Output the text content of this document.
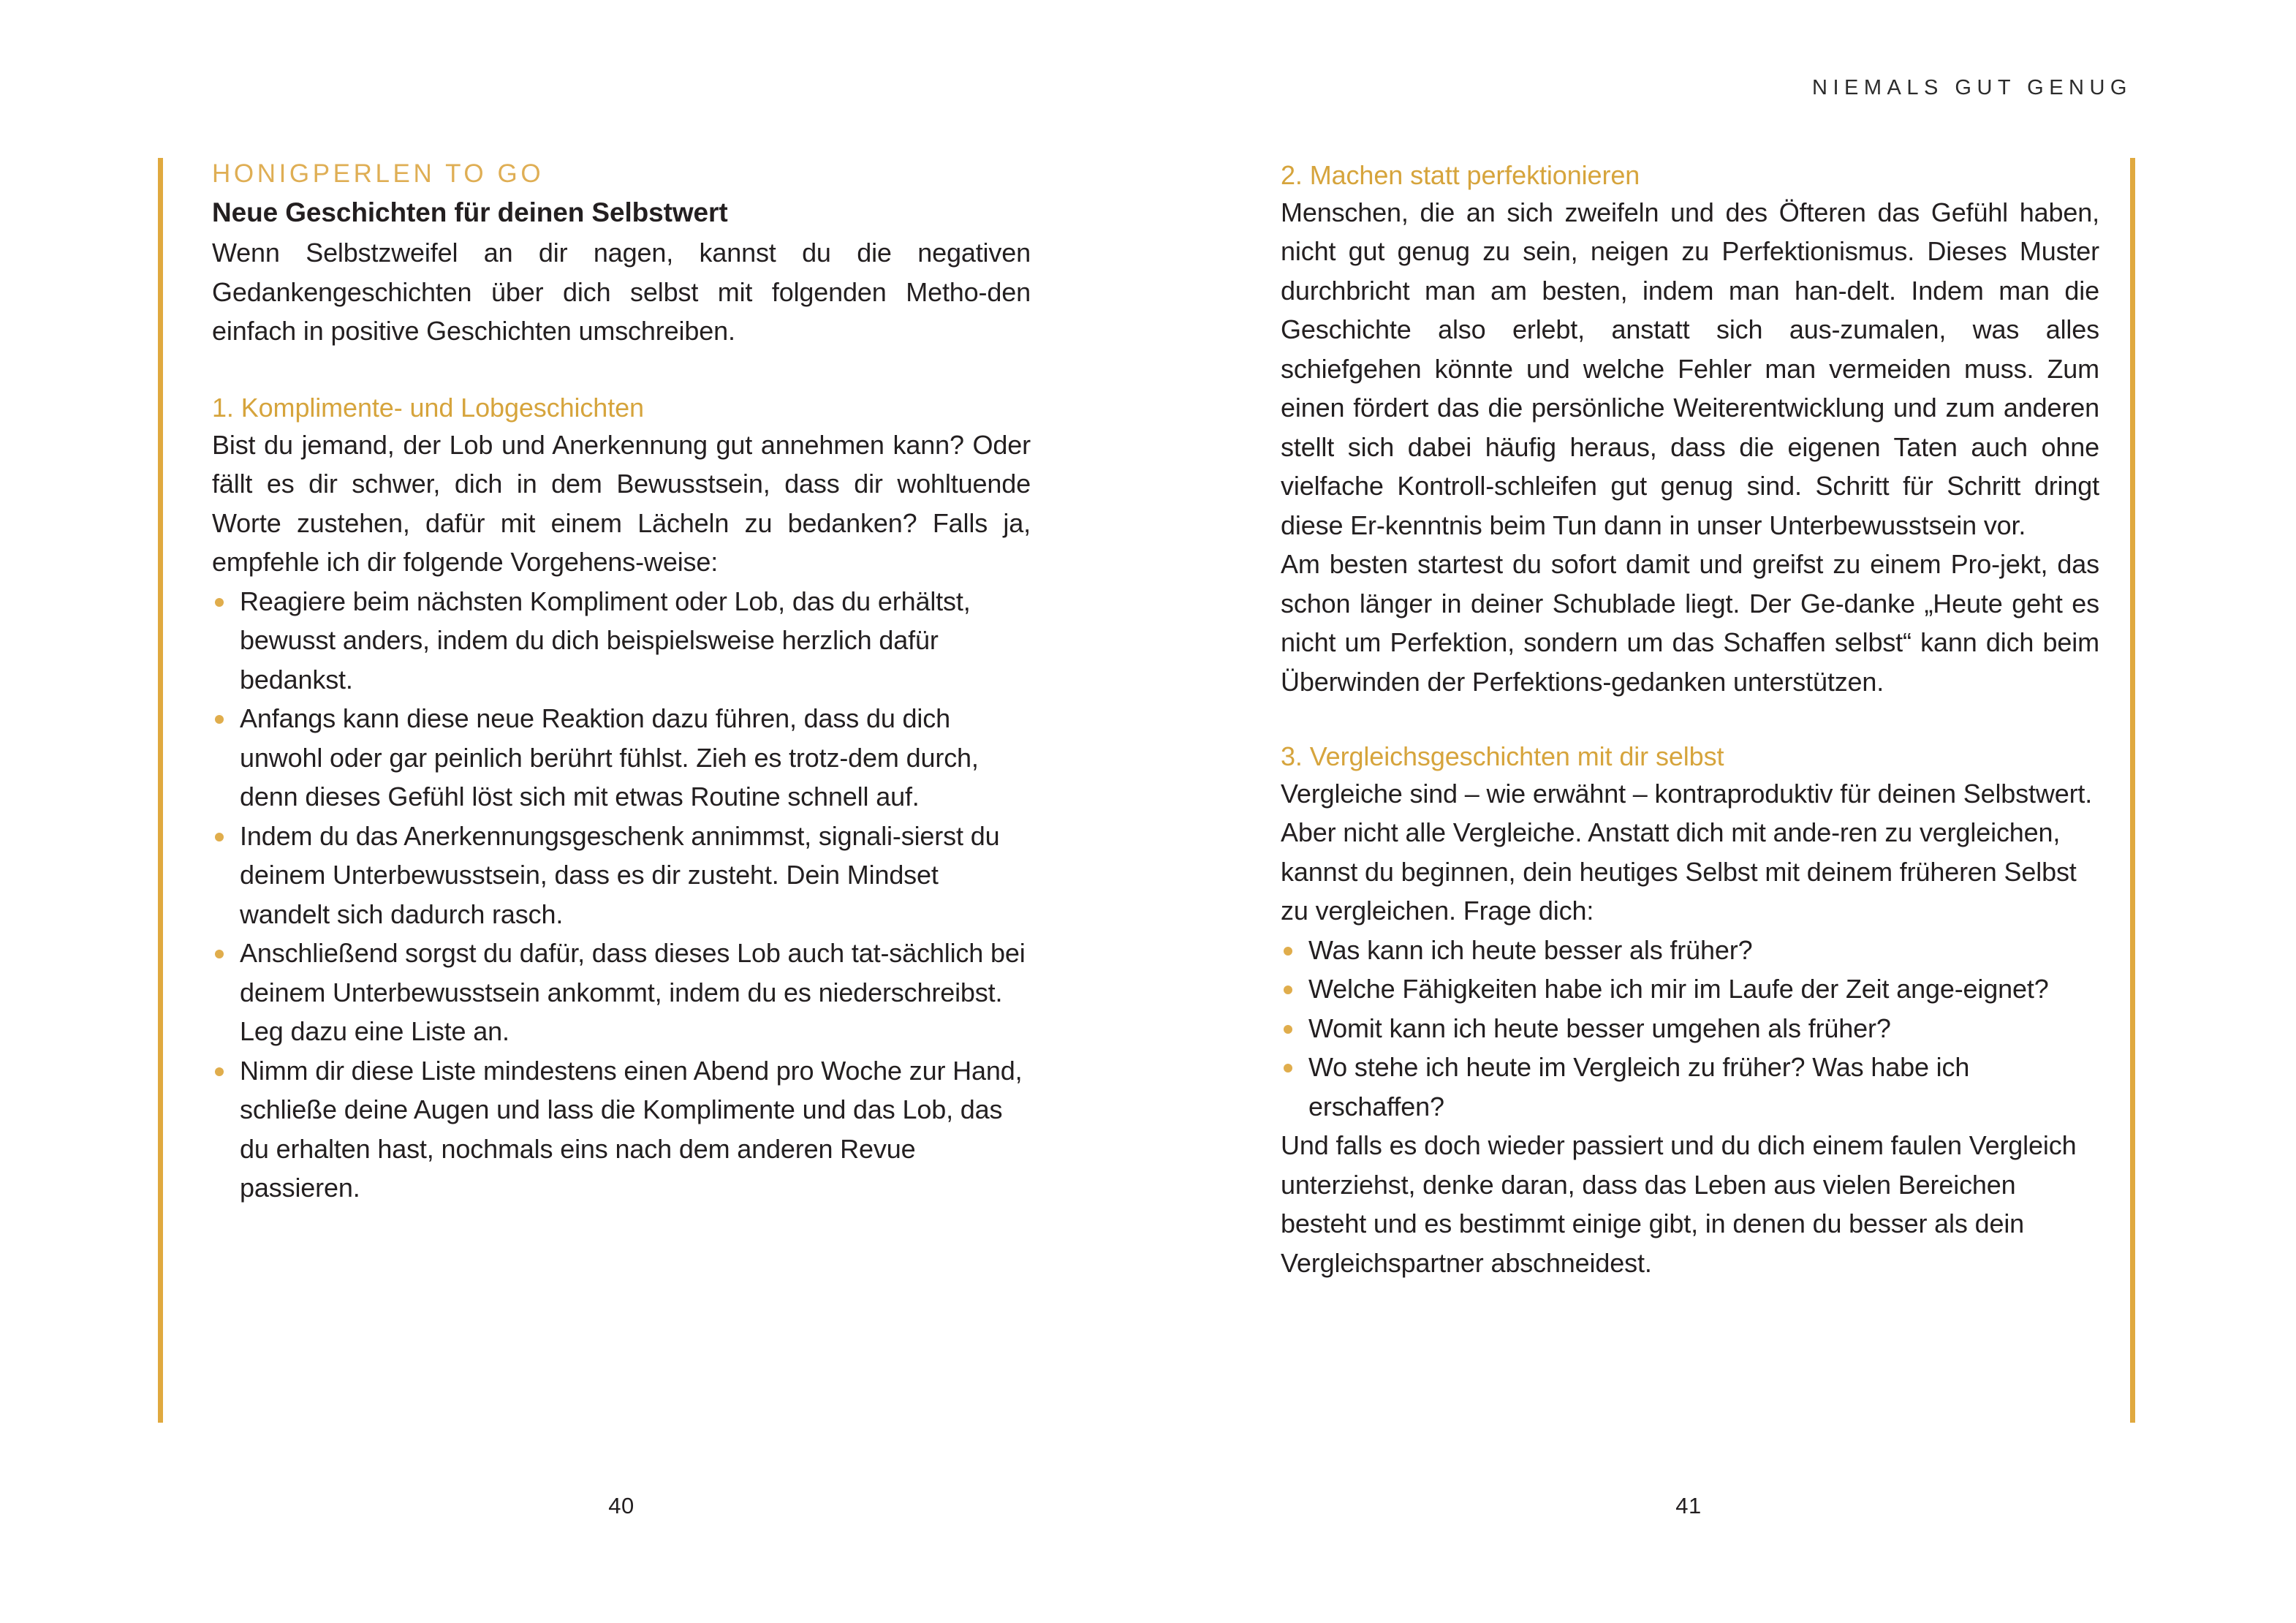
NIEMALS GUT GENUG
HONIGPERLEN TO GO
Neue Geschichten für deinen Selbstwert

Wenn Selbstzweifel an dir nagen, kannst du die negativen Gedankengeschichten über dich selbst mit folgenden Metho-den einfach in positive Geschichten umschreiben.

1. Komplimente- und Lobgeschichten

Bist du jemand, der Lob und Anerkennung gut annehmen kann? Oder fällt es dir schwer, dich in dem Bewusstsein, dass dir wohltuende Worte zustehen, dafür mit einem Lächeln zu bedanken? Falls ja, empfehle ich dir folgende Vorgehens-weise:

Reagiere beim nächsten Kompliment oder Lob, das du erhältst, bewusst anders, indem du dich beispielsweise herzlich dafür bedankst.
Anfangs kann diese neue Reaktion dazu führen, dass du dich unwohl oder gar peinlich berührt fühlst. Zieh es trotz-dem durch, denn dieses Gefühl löst sich mit etwas Routine schnell auf.
Indem du das Anerkennungsgeschenk annimmst, signali-sierst du deinem Unterbewusstsein, dass es dir zusteht. Dein Mindset wandelt sich dadurch rasch.
Anschließend sorgst du dafür, dass dieses Lob auch tat-sächlich bei deinem Unterbewusstsein ankommt, indem du es niederschreibst. Leg dazu eine Liste an.
Nimm dir diese Liste mindestens einen Abend pro Woche zur Hand, schließe deine Augen und lass die Komplimente und das Lob, das du erhalten hast, nochmals eins nach dem anderen Revue passieren.
2. Machen statt perfektionieren

Menschen, die an sich zweifeln und des Öfteren das Gefühl haben, nicht gut genug zu sein, neigen zu Perfektionismus. Dieses Muster durchbricht man am besten, indem man han-delt. Indem man die Geschichte also erlebt, anstatt sich aus-zumalen, was alles schiefgehen könnte und welche Fehler man vermeiden muss. Zum einen fördert das die persönliche Weiterentwicklung und zum anderen stellt sich dabei häufig heraus, dass die eigenen Taten auch ohne vielfache Kontroll-schleifen gut genug sind. Schritt für Schritt dringt diese Er-kenntnis beim Tun dann in unser Unterbewusstsein vor.

Am besten startest du sofort damit und greifst zu einem Pro-jekt, das schon länger in deiner Schublade liegt. Der Ge-danke „Heute geht es nicht um Perfektion, sondern um das Schaffen selbst“ kann dich beim Überwinden der Perfektions-gedanken unterstützen.

3. Vergleichsgeschichten mit dir selbst

Vergleiche sind – wie erwähnt – kontraproduktiv für deinen Selbstwert. Aber nicht alle Vergleiche. Anstatt dich mit ande-ren zu vergleichen, kannst du beginnen, dein heutiges Selbst mit deinem früheren Selbst zu vergleichen. Frage dich:

Was kann ich heute besser als früher?
Welche Fähigkeiten habe ich mir im Laufe der Zeit ange-eignet?
Womit kann ich heute besser umgehen als früher?
Wo stehe ich heute im Vergleich zu früher? Was habe ich erschaffen?

Und falls es doch wieder passiert und du dich einem faulen Vergleich unterziehst, denke daran, dass das Leben aus vielen Bereichen besteht und es bestimmt einige gibt, in denen du besser als dein Vergleichspartner abschneidest.

40	41
